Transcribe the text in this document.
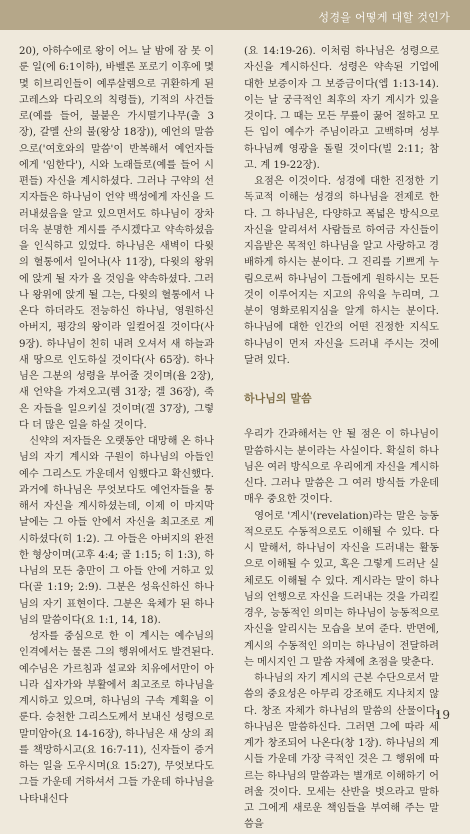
성경을 어떻게 대할 것인가

20), 아하수에로 왕이 어느 날 밤에 잠 못 이룬 일(에 6:1이하), 바벨론 포로기 이후에 몇몇 히브리인들이 예루살렘으로 귀환하게 된 고레스와 다리오의 칙령들), 기적의 사건들로(예를 들어, 불붙은 가시떨기나무(출 3장), 갈멜 산의 불(왕상 18장)), 예언의 말씀으로('여호와의 말씀'이 반복해서 예언자들에게 '임한다'), 시와 노래들로(예를 들어 시편들) 자신을 계시하셨다. 그러나 구약의 선지자들은 하나님이 언약 백성에게 자신을 드러내셨음을 알고 있으면서도 하나님이 장차 더욱 분명한 계시를 주시겠다고 약속하셨음을 인식하고 있었다. 하나님은 새벽이 다윗의 혈통에서 일어나(사 11장), 다윗의 왕위에 앉게 될 자가 올 것임을 약속하셨다. 그러나 왕위에 앉게 될 그는, 다윗의 혈통에서 나온다 하더라도 전능하신 하나님, 영원하신 아버지, 평강의 왕이라 일컬어질 것이다(사 9장). 하나님이 친히 내려 오셔서 새 하늘과 새 땅으로 인도하실 것이다(사 65장). 하나님은 그분의 성령을 부어줄 것이며(욜 2장), 새 언약을 가져오고(렘 31장; 겔 36장), 죽은 자들을 일으키실 것이며(겔 37장), 그렇다 더 많은 일을 하실 것이다.

신약의 저자들은 오랫동안 대망해 온 하나님의 자기 계시와 구원이 하나님의 아들인 예수 그리스도 가운데서 임했다고 확신했다. 과거에 하나님은 무엇보다도 예언자들을 통해서 자신을 계시하셨는데, 이제 이 마지막 날에는 그 아들 안에서 자신을 최고조로 계시하셨다(히 1:2). 그 아들은 아버지의 완전한 형상이며(고후 4:4; 골 1:15; 히 1:3), 하나님의 모든 충만이 그 아들 안에 거하고 있다(골 1:19; 2:9). 그분은 성육신하신 하나님의 자기 표현이다. 그분은 육체가 된 하나님의 말씀이다(요 1:1, 14, 18).

성자를 중심으로 한 이 계시는 예수님의 인격에서는 물론 그의 행위에서도 발견된다. 예수님은 가르침과 설교와 치유에서만이 아니라 십자가와 부활에서 최고조로 하나님을 계시하고 있으며, 하나님의 구속 계획을 이룬다. 승천한 그리스도께서 보내신 성령으로 말미암아(요 14-16장), 하나님은 새 상의 죄를 책망하시고(요 16:7-11), 신자들이 증거하는 일을 도우시며(요 15:27), 무엇보다도 그들 가운데 거하셔서 그들 가운데 하나님을 나타내신다

(요 14:19-26). 이처럼 하나님은 성령으로 자신을 계시하신다. 성령은 약속된 기업에 대한 보증이자 그 보증금이다(엡 1:13-14). 이는 날 궁극적인 최후의 자기 계시가 있을 것이다. 그 때는 모든 무릎이 꿇어 절하고 모든 입이 예수가 주님이라고 고백하며 성부 하나님께 영광을 돌릴 것이다(빌 2:11; 참고. 계 19-22장).

요점은 이것이다. 성경에 대한 진정한 기독교적 이해는 성경의 하나님을 전제로 한다. 그 하나님은, 다양하고 폭넓은 방식으로 자신을 알리셔서 사람들로 하여금 자신들이 지음받은 목적인 하나님을 알고 사랑하고 경배하게 하시는 분이다. 그 진리를 기쁘게 누림으로써 하나님이 그들에게 원하시는 모든 것이 이루어지는 지고의 유익을 누리며, 그분이 영화로워지심을 알게 하시는 분이다. 하나님에 대한 인간의 어떤 진정한 지식도 하나님이 먼저 자신을 드러내 주시는 것에 달려 있다.

하나님의 말씀

우리가 간과해서는 안 될 점은 이 하나님이 말씀하시는 분이라는 사실이다. 확실히 하나님은 여러 방식으로 우리에게 자신을 계시하신다. 그러나 말씀은 그 여러 방식들 가운데 매우 중요한 것이다.

영어로 '계시'(revelation)라는 말은 능동적으로도 수동적으로도 이해될 수 있다. 다시 말해서, 하나님이 자신을 드러내는 활동으로 이해될 수 있고, 혹은 그렇게 드러난 실체로도 이해될 수 있다. 계시라는 말이 하나님의 언행으로 자신을 드러내는 것을 가리킬 경우, 능동적인 의미는 하나님이 능동적으로 자신을 알리시는 모습을 보여 준다. 반면에, 계시의 수동적인 의미는 하나님이 전달하려는 메시지인 그 말씀 자체에 초점을 맞춘다.

하나님의 자기 계시의 근본 수단으로서 말씀의 중요성은 아무리 강조해도 지나치지 않다. 창조 자체가 하나님의 말씀의 산물이다. 하나님은 말씀하신다. 그러면 그에 따라 세계가 창조되어 나온다(창 1장). 하나님의 계시들 가운데 가장 극적인 것은 그 행위에 따르는 하나님의 말씀과는 별개로 이해하기 어려울 것이다. 모세는 산반을 벗으라고 말하고 그에게 새로운 책임들을 부여해 주는 말씀을

19
